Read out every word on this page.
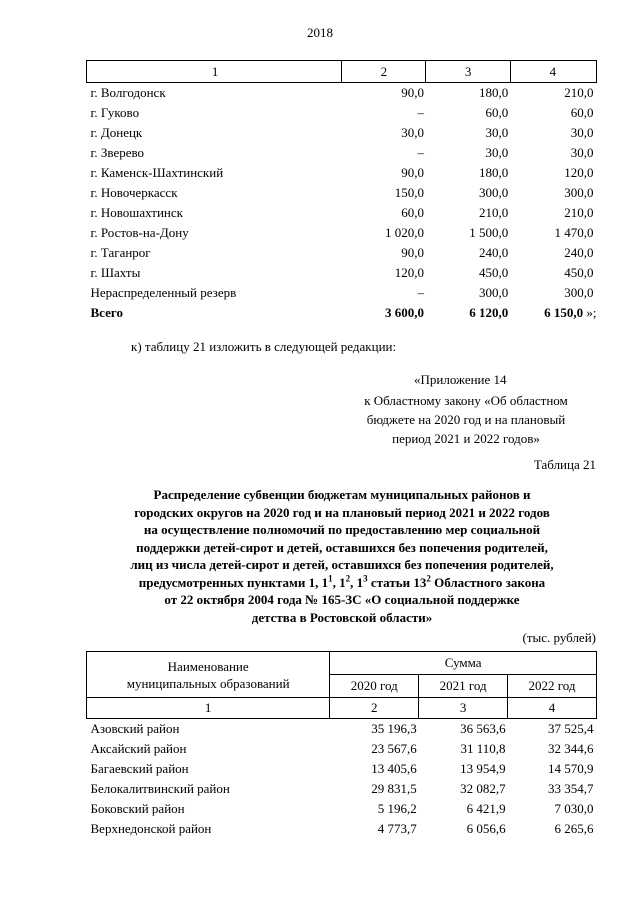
2018
1	2	3	4
г. Волгодонск	90,0	180,0	210,0
г. Гуково	–	60,0	60,0
г. Донецк	30,0	30,0	30,0
г. Зверево	–	30,0	30,0
г. Каменск-Шахтинский	90,0	180,0	120,0
г. Новочеркасск	150,0	300,0	300,0
г. Новошахтинск	60,0	210,0	210,0
г. Ростов-на-Дону	1 020,0	1 500,0	1 470,0
г. Таганрог	90,0	240,0	240,0
г. Шахты	120,0	450,0	450,0
Нераспределенный резерв	–	300,0	300,0
Всего	3 600,0	6 120,0	6 150,0 »;
к) таблицу 21 изложить в следующей редакции:
«Приложение 14
к Областному закону «Об областном
бюджете на 2020 год и на плановый
период 2021 и 2022 годов»
Таблица 21
Распределение субвенции бюджетам муниципальных районов и
городских округов на 2020 год и на плановый период 2021 и 2022 годов
на осуществление полномочий по предоставлению мер социальной
поддержки детей-сирот и детей, оставшихся без попечения родителей,
лиц из числа детей-сирот и детей, оставшихся без попечения родителей,
предусмотренных пунктами 1, $1^1$, $1^2$, $1^3$ статьи $13^2$ Областного закона
от 22 октября 2004 года № 165-ЗС «О социальной поддержке
детства в Ростовской области»
(тыс. рублей)
Наименование
муниципальных образований	Сумма		
	2020 год	2021 год	2022 год
1	2	3	4
Азовский район	35 196,3	36 563,6	37 525,4
Аксайский район	23 567,6	31 110,8	32 344,6
Багаевский район	13 405,6	13 954,9	14 570,9
Белокалитвинский район	29 831,5	32 082,7	33 354,7
Боковский район	5 196,2	6 421,9	7 030,0
Верхнедонской район	4 773,7	6 056,6	6 265,6
